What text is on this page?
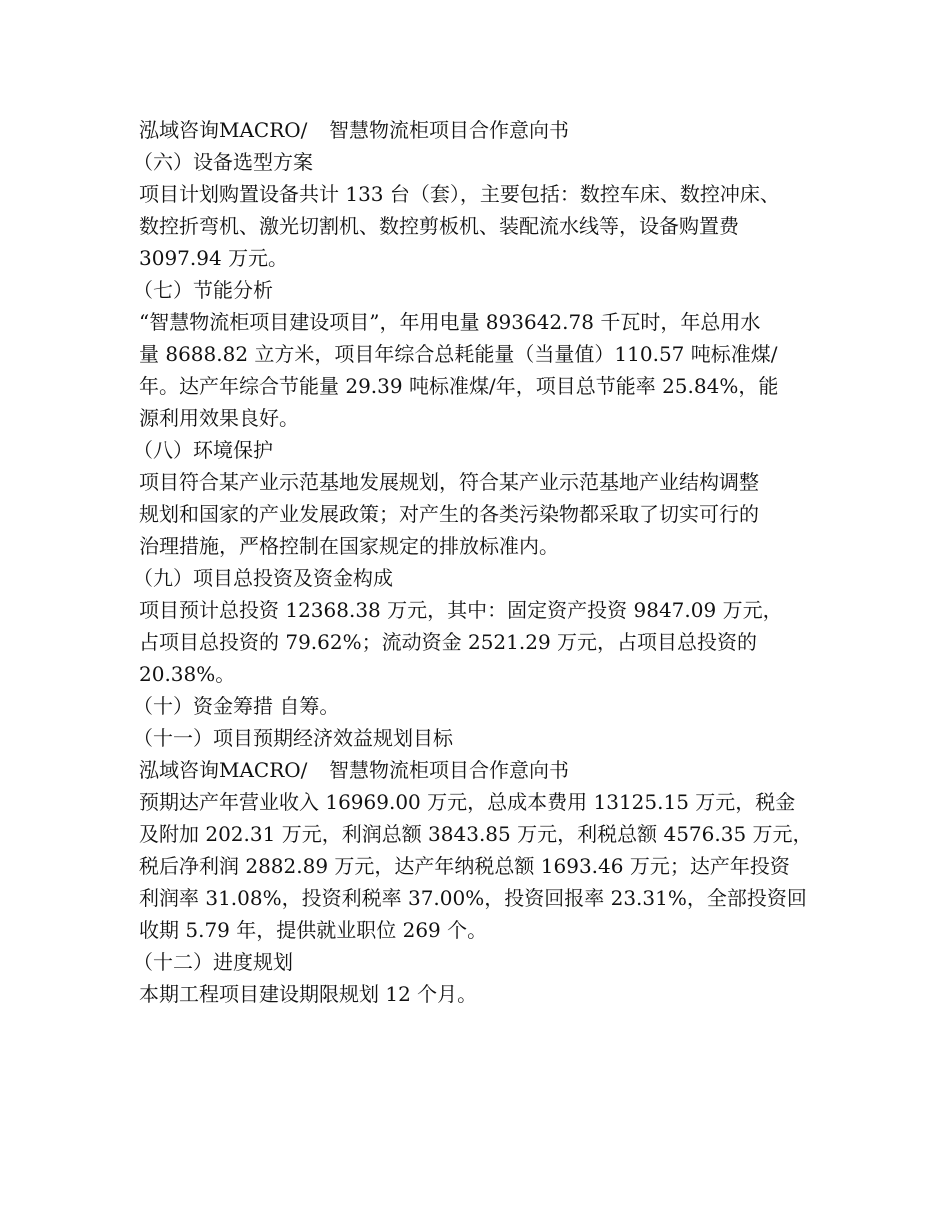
泓域咨询MACRO/ 智慧物流柜项目合作意向书
（六）设备选型方案
项目计划购置设备共计 133 台（套），主要包括：数控车床、数控冲床、
数控折弯机、激光切割机、数控剪板机、装配流水线等，设备购置费
3097.94 万元。
（七）节能分析
“智慧物流柜项目建设项目”，年用电量 893642.78 千瓦时，年总用水
量 8688.82 立方米，项目年综合总耗能量（当量值）110.57 吨标准煤/
年。达产年综合节能量 29.39 吨标准煤/年，项目总节能率 25.84%，能
源利用效果良好。
（八）环境保护
项目符合某产业示范基地发展规划，符合某产业示范基地产业结构调整
规划和国家的产业发展政策；对产生的各类污染物都采取了切实可行的
治理措施，严格控制在国家规定的排放标准内。
（九）项目总投资及资金构成
项目预计总投资 12368.38 万元，其中：固定资产投资 9847.09 万元，
占项目总投资的 79.62%；流动资金 2521.29 万元，占项目总投资的
20.38%。
（十）资金筹措 自筹。
（十一）项目预期经济效益规划目标
泓域咨询MACRO/ 智慧物流柜项目合作意向书
预期达产年营业收入 16969.00 万元，总成本费用 13125.15 万元，税金
及附加 202.31 万元，利润总额 3843.85 万元，利税总额 4576.35 万元，
税后净利润 2882.89 万元，达产年纳税总额 1693.46 万元；达产年投资
利润率 31.08%，投资利税率 37.00%，投资回报率 23.31%，全部投资回
收期 5.79 年，提供就业职位 269 个。
（十二）进度规划
本期工程项目建设期限规划 12 个月。
